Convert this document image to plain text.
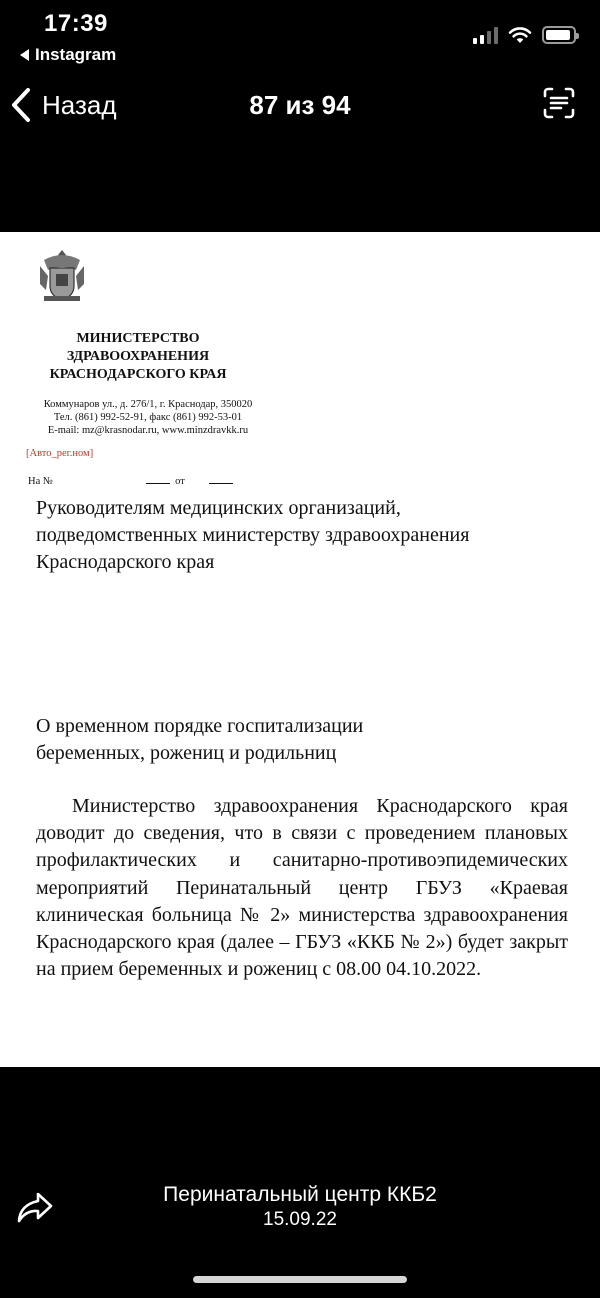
17:39
Instagram
87 из 94
Назад
МИНИСТЕРСТВО
ЗДРАВООХРАНЕНИЯ
КРАСНОДАРСКОГО КРАЯ
Коммунаров ул., д. 276/1, г. Краснодар, 350020
Тел. (861) 992-52-91, факс (861) 992-53-01
E-mail: mz@krasnodar.ru, www.minzdravkk.ru
[Авто_рег.ном]
На №	от
Руководителям медицинских организаций, подведомственных министерству здравоохранения Краснодарского края
О временном порядке госпитализации
беременных, рожениц и родильниц
Министерство здравоохранения Краснодарского края доводит до сведения, что в связи с проведением плановых профилактических и санитарно-противоэпидемических мероприятий Перинатальный центр ГБУЗ «Краевая клиническая больница № 2» министерства здравоохранения Краснодарского края (далее – ГБУЗ «ККБ № 2») будет закрыт на прием беременных и рожениц с 08.00 04.10.2022.
Перинатальный центр ККБ2
15.09.22
